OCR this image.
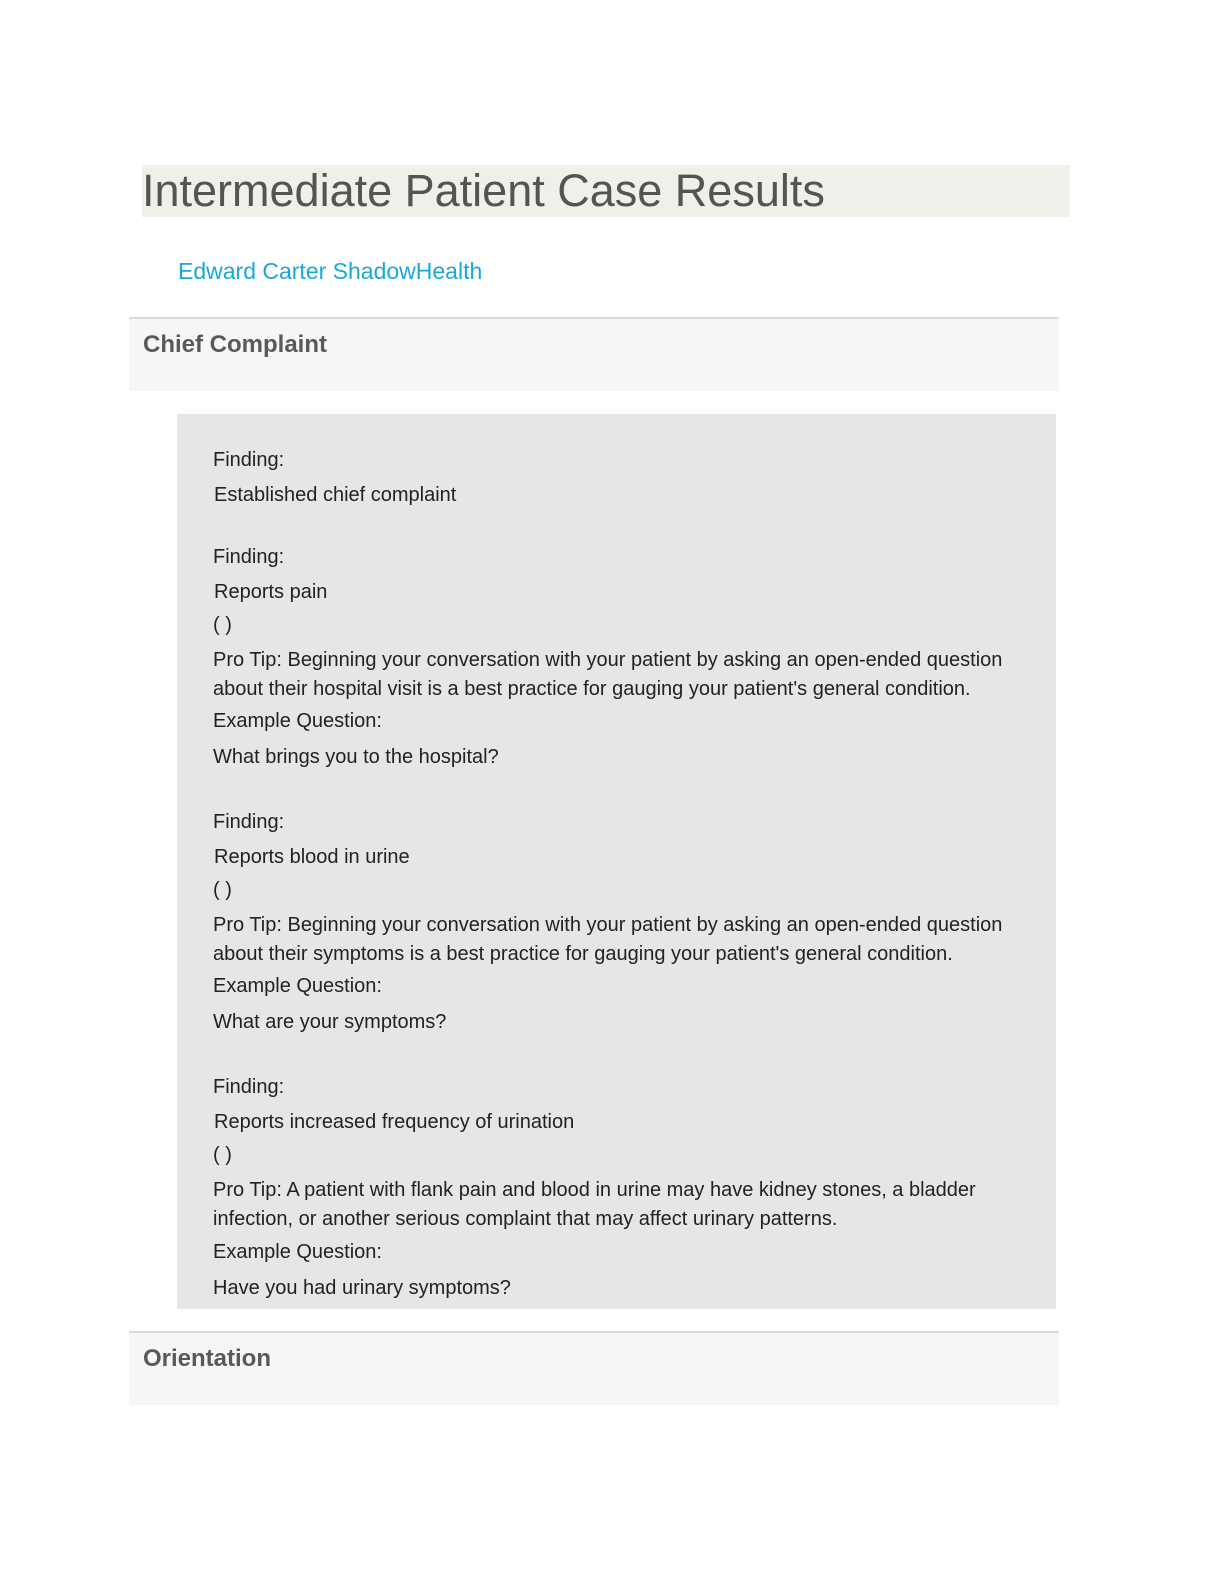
Intermediate Patient Case Results
Edward Carter ShadowHealth
Chief Complaint
Finding:
Established chief complaint
Finding:
Reports pain
( )
Pro Tip: Beginning your conversation with your patient by asking an open-ended question about their hospital visit is a best practice for gauging your patient's general condition.
Example Question:
What brings you to the hospital?
Finding:
Reports blood in urine
( )
Pro Tip: Beginning your conversation with your patient by asking an open-ended question about their symptoms is a best practice for gauging your patient's general condition.
Example Question:
What are your symptoms?
Finding:
Reports increased frequency of urination
( )
Pro Tip: A patient with flank pain and blood in urine may have kidney stones, a bladder infection, or another serious complaint that may affect urinary patterns.
Example Question:
Have you had urinary symptoms?
Orientation
